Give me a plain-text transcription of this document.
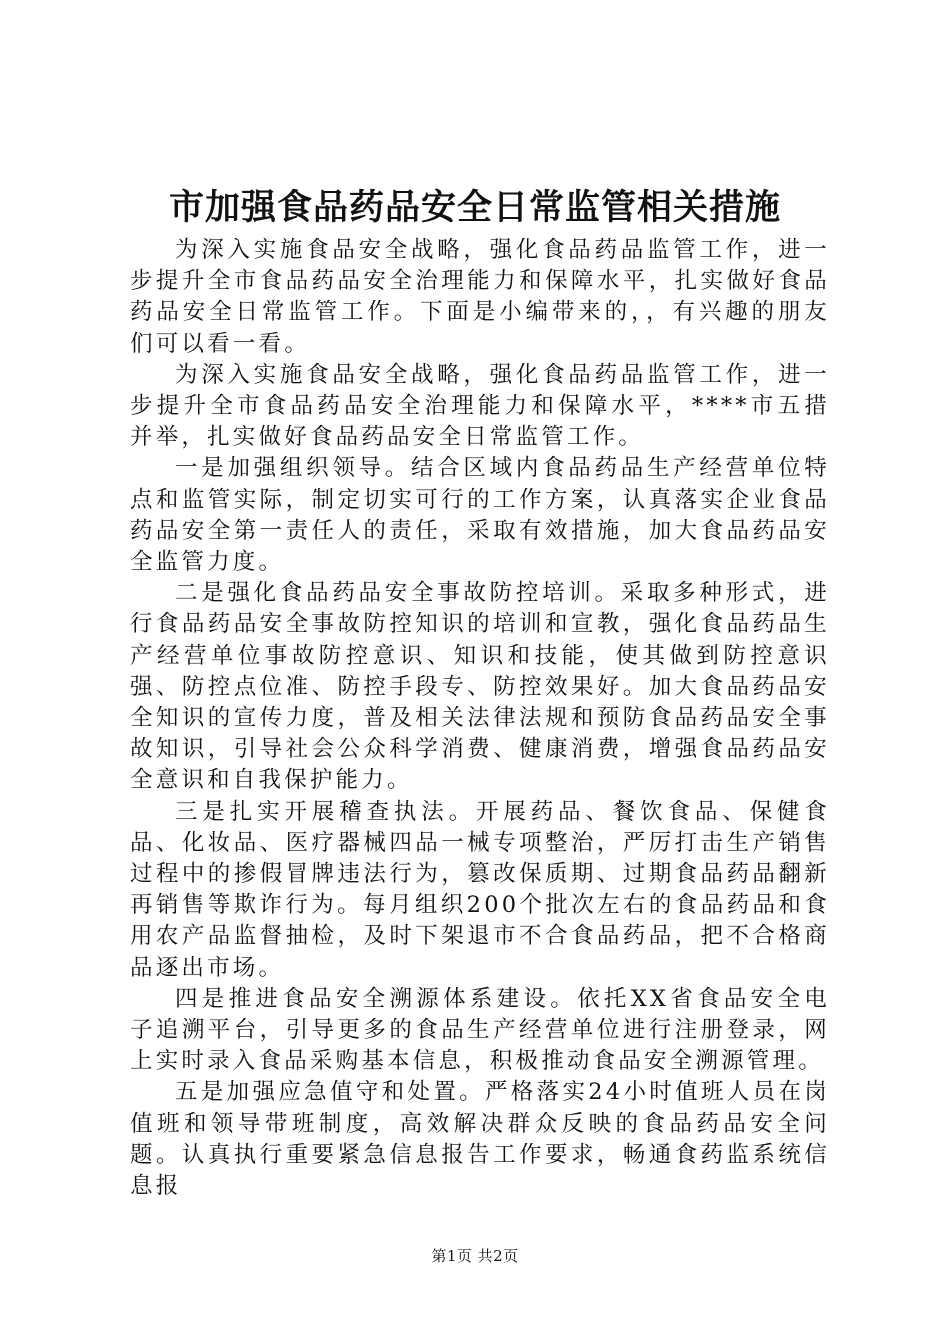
市加强食品药品安全日常监管相关措施

为深入实施食品安全战略，强化食品药品监管工作，进一步提升全市食品药品安全治理能力和保障水平，扎实做好食品药品安全日常监管工作。下面是小编带来的，，有兴趣的朋友们可以看一看。

为深入实施食品安全战略，强化食品药品监管工作，进一步提升全市食品药品安全治理能力和保障水平，****市五措并举，扎实做好食品药品安全日常监管工作。

一是加强组织领导。结合区域内食品药品生产经营单位特点和监管实际，制定切实可行的工作方案，认真落实企业食品药品安全第一责任人的责任，采取有效措施，加大食品药品安全监管力度。

二是强化食品药品安全事故防控培训。采取多种形式，进行食品药品安全事故防控知识的培训和宣教，强化食品药品生产经营单位事故防控意识、知识和技能，使其做到防控意识强、防控点位准、防控手段专、防控效果好。加大食品药品安全知识的宣传力度，普及相关法律法规和预防食品药品安全事故知识，引导社会公众科学消费、健康消费，增强食品药品安全意识和自我保护能力。

三是扎实开展稽查执法。开展药品、餐饮食品、保健食品、化妆品、医疗器械四品一械专项整治，严厉打击生产销售过程中的掺假冒牌违法行为，篡改保质期、过期食品药品翻新再销售等欺诈行为。每月组织200个批次左右的食品药品和食用农产品监督抽检，及时下架退市不合食品药品，把不合格商品逐出市场。

四是推进食品安全溯源体系建设。依托XX省食品安全电子追溯平台，引导更多的食品生产经营单位进行注册登录，网上实时录入食品采购基本信息，积极推动食品安全溯源管理。

五是加强应急值守和处置。严格落实24小时值班人员在岗值班和领导带班制度，高效解决群众反映的食品药品安全问题。认真执行重要紧急信息报告工作要求，畅通食药监系统信息报

第1页 共2页
